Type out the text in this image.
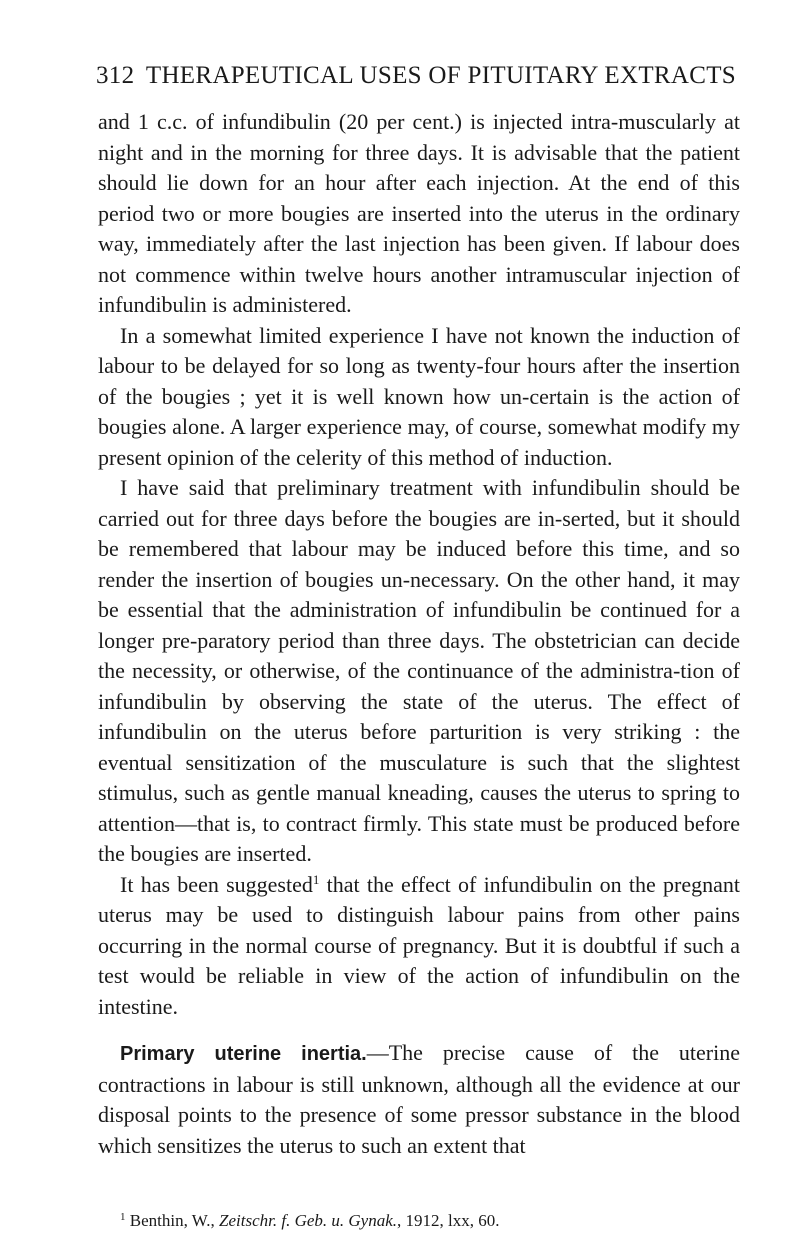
312 THERAPEUTICAL USES OF PITUITARY EXTRACTS

and 1 c.c. of infundibulin (20 per cent.) is injected intra-muscularly at night and in the morning for three days. It is advisable that the patient should lie down for an hour after each injection. At the end of this period two or more bougies are inserted into the uterus in the ordinary way, immediately after the last injection has been given. If labour does not commence within twelve hours another intramuscular injection of infundibulin is administered.

In a somewhat limited experience I have not known the induction of labour to be delayed for so long as twenty-four hours after the insertion of the bougies ; yet it is well known how un-certain is the action of bougies alone. A larger experience may, of course, somewhat modify my present opinion of the celerity of this method of induction.

I have said that preliminary treatment with infundibulin should be carried out for three days before the bougies are in-serted, but it should be remembered that labour may be induced before this time, and so render the insertion of bougies un-necessary. On the other hand, it may be essential that the administration of infundibulin be continued for a longer pre-paratory period than three days. The obstetrician can decide the necessity, or otherwise, of the continuance of the administra-tion of infundibulin by observing the state of the uterus. The effect of infundibulin on the uterus before parturition is very striking : the eventual sensitization of the musculature is such that the slightest stimulus, such as gentle manual kneading, causes the uterus to spring to attention—that is, to contract firmly. This state must be produced before the bougies are inserted.

It has been suggested$^1$ that the effect of infundibulin on the pregnant uterus may be used to distinguish labour pains from other pains occurring in the normal course of pregnancy. But it is doubtful if such a test would be reliable in view of the action of infundibulin on the intestine.

Primary uterine inertia.—The precise cause of the uterine contractions in labour is still unknown, although all the evidence at our disposal points to the presence of some pressor substance in the blood which sensitizes the uterus to such an extent that

$^1$ Benthin, W., Zeitschr. f. Geb. u. Gynak., 1912, lxx, 60.
